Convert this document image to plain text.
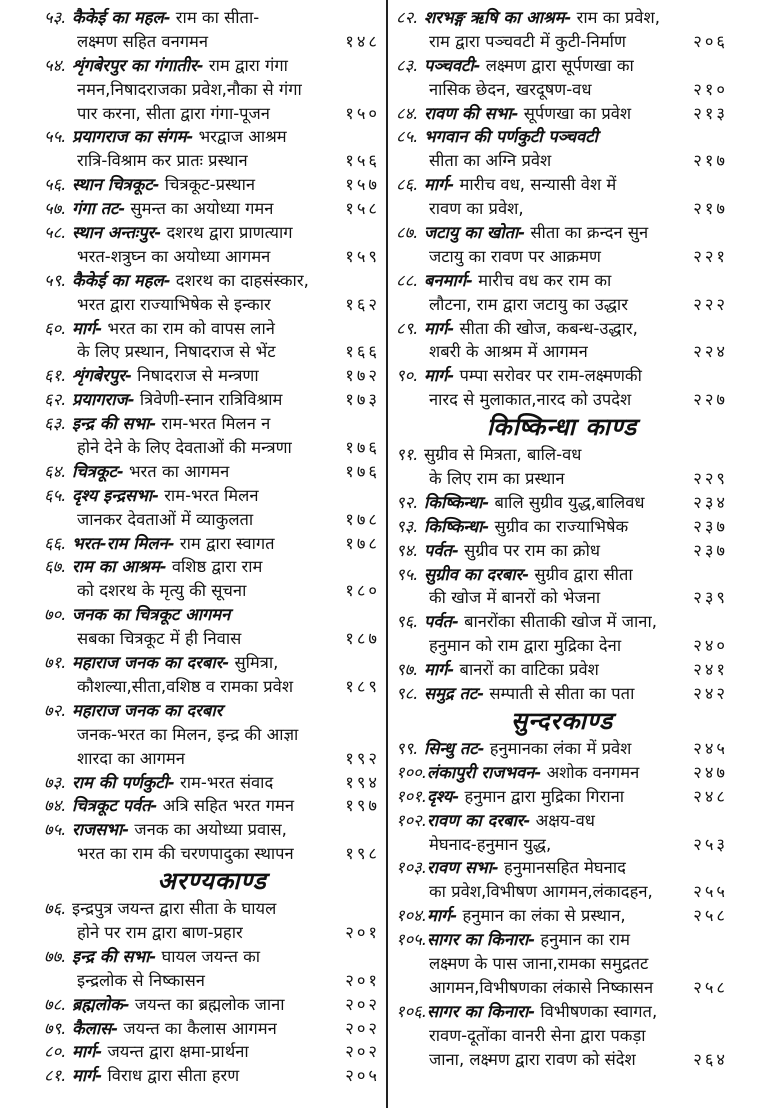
५३. कैकेई का महल- राम का सीता-
लक्ष्मण सहित वनगमन	१४८
५४. शृंगबेरपुर का गंगातीर- राम द्वारा गंगा
नमन,निषादराजका प्रवेश,नौका से गंगा
पार करना, सीता द्वारा गंगा-पूजन	१५०
५५. प्रयागराज का संगम- भरद्वाज आश्रम
रात्रि-विश्राम कर प्रातः प्रस्थान	१५६
५६. स्थान चित्रकूट- चित्रकूट-प्रस्थान	१५७
५७. गंगा तट- सुमन्त का अयोध्या गमन	१५८
५८. स्थान अन्तःपुर- दशरथ द्वारा प्राणत्याग
भरत-शत्रुघ्न का अयोध्या आगमन	१५९
५९. कैकेई का महल- दशरथ का दाहसंस्कार,
भरत द्वारा राज्याभिषेक से इन्कार	१६२
६०. मार्ग- भरत का राम को वापस लाने
के लिए प्रस्थान, निषादराज से भेंट	१६६
६१. शृंगबेरपुर- निषादराज से मन्त्रणा	१७२
६२. प्रयागराज- त्रिवेणी-स्नान रात्रिविश्राम	१७३
६३. इन्द्र की सभा- राम-भरत मिलन न
होने देने के लिए देवताओं की मन्त्रणा	१७६
६४. चित्रकूट- भरत का आगमन	१७६
६५. दृश्य इन्द्रसभा- राम-भरत मिलन
जानकर देवताओं में व्याकुलता	१७८
६६. भरत-राम मिलन- राम द्वारा स्वागत	१७८
६७. राम का आश्रम- वशिष्ठ द्वारा राम
को दशरथ के मृत्यु की सूचना	१८०
७०. जनक का चित्रकूट आगमन
सबका चित्रकूट में ही निवास	१८७
७१. महाराज जनक का दरबार- सुमित्रा,
कौशल्या,सीता,वशिष्ठ व रामका प्रवेश	१८९
७२. महाराज जनक का दरबार
जनक-भरत का मिलन, इन्द्र की आज्ञा
शारदा का आगमन	१९२
७३. राम की पर्णकुटी- राम-भरत संवाद	१९४
७४. चित्रकूट पर्वत- अत्रि सहित भरत गमन	१९७
७५. राजसभा- जनक का अयोध्या प्रवास,
भरत का राम की चरणपादुका स्थापन	१९८
अरण्यकाण्ड
७६. इन्द्रपुत्र जयन्त द्वारा सीता के घायल
होने पर राम द्वारा बाण-प्रहार	२०१
७७. इन्द्र की सभा- घायल जयन्त का
इन्द्रलोक से निष्कासन	२०१
७८. ब्रह्मलोक- जयन्त का ब्रह्मलोक जाना	२०२
७९. कैलास- जयन्त का कैलास आगमन	२०२
८०. मार्ग- जयन्त द्वारा क्षमा-प्रार्थना	२०२
८१. मार्ग- विराध द्वारा सीता हरण	२०५
८२. शरभङ्ग ऋषि का आश्रम- राम का प्रवेश,
राम द्वारा पञ्चवटी में कुटी-निर्माण	२०६
८३. पञ्चवटी- लक्ष्मण द्वारा सूर्पणखा का
नासिक छेदन, खरदूषण-वध	२१०
८४. रावण की सभा- सूर्पणखा का प्रवेश	२१३
८५. भगवान की पर्णकुटी पञ्चवटी
सीता का अग्नि प्रवेश	२१७
८६. मार्ग- मारीच वध, सन्यासी वेश में
रावण का प्रवेश,	२१७
८७. जटायु का खोता- सीता का क्रन्दन सुन
जटायु का रावण पर आक्रमण	२२१
८८. बनमार्ग- मारीच वध कर राम का
लौटना, राम द्वारा जटायु का उद्धार	२२२
८९. मार्ग- सीता की खोज, कबन्ध-उद्धार,
शबरी के आश्रम में आगमन	२२४
९०. मार्ग- पम्पा सरोवर पर राम-लक्ष्मणकी
नारद से मुलाकात,नारद को उपदेश	२२७
किष्किन्धा काण्ड
९१. सुग्रीव से मित्रता, बालि-वध
के लिए राम का प्रस्थान	२२९
९२. किष्किन्धा- बालि सुग्रीव युद्ध,बालिवध	२३४
९३. किष्किन्धा- सुग्रीव का राज्याभिषेक	२३७
९४. पर्वत- सुग्रीव पर राम का क्रोध	२३७
९५. सुग्रीव का दरबार- सुग्रीव द्वारा सीता
की खोज में बानरों को भेजना	२३९
९६. पर्वत- बानरोंका सीताकी खोज में जाना,
हनुमान को राम द्वारा मुद्रिका देना	२४०
९७. मार्ग- बानरों का वाटिका प्रवेश	२४१
९८. समुद्र तट- सम्पाती से सीता का पता	२४२
सुन्दरकाण्ड
९९. सिन्धु तट- हनुमानका लंका में प्रवेश	२४५
१००.लंकापुरी राजभवन- अशोक वनगमन	२४७
१०१.दृश्य- हनुमान द्वारा मुद्रिका गिराना	२४८
१०२.रावण का दरबार- अक्षय-वध
मेघनाद-हनुमान युद्ध,	२५३
१०३.रावण सभा- हनुमानसहित मेघनाद
का प्रवेश,विभीषण आगमन,लंकादहन, २५५
१०४.मार्ग- हनुमान का लंका से प्रस्थान,	२५८
१०५.सागर का किनारा- हनुमान का राम
लक्ष्मण के पास जाना,रामका समुद्रतट
आगमन,विभीषणका लंकासे निष्कासन २५८
१०६.सागर का किनारा- विभीषणका स्वागत,
रावण-दूतोंका वानरी सेना द्वारा पकड़ा
जाना, लक्ष्मण द्वारा रावण को संदेश	२६४
